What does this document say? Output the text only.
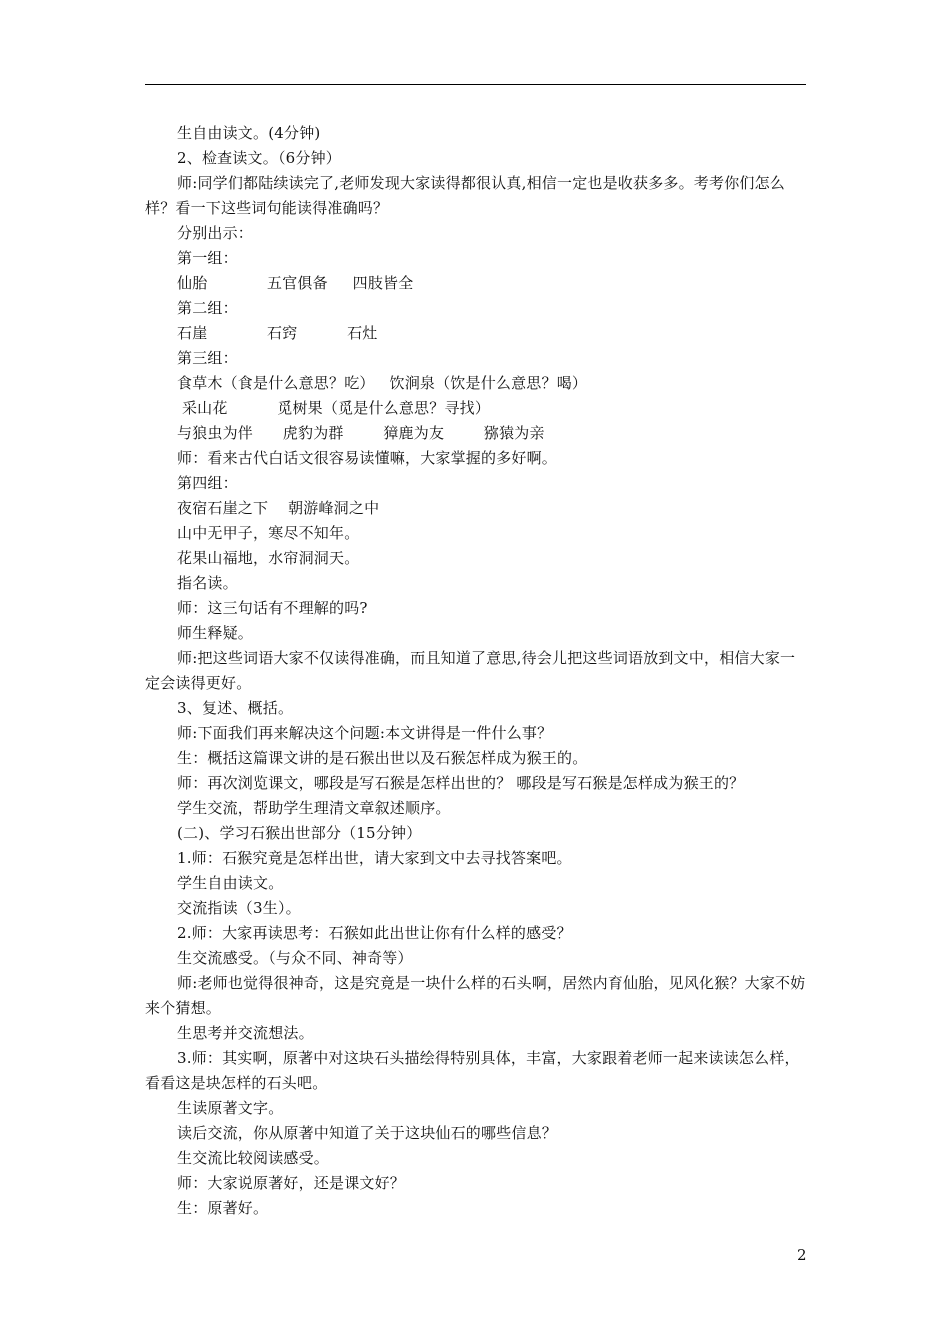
生自由读文。(4分钟)

2、检查读文。（6分钟）

师:同学们都陆续读完了,老师发现大家读得都很认真,相信一定也是收获多多。考考你们怎么样？看一下这些词句能读得准确吗？

分别出示：

第一组：

仙胎            五官俱备     四肢皆全

第二组：

石崖            石窍          石灶

第三组：

食草木（食是什么意思？吃）   饮涧泉（饮是什么意思？喝）

采山花          觅树果（觅是什么意思？寻找）

与狼虫为伴      虎豹为群        獐鹿为友        猕猿为亲

师：看来古代白话文很容易读懂嘛，大家掌握的多好啊。

第四组：

夜宿石崖之下    朝游峰洞之中

山中无甲子，寒尽不知年。

花果山福地，水帘洞洞天。

指名读。

师：这三句话有不理解的吗?

师生释疑。

师:把这些词语大家不仅读得准确，而且知道了意思,待会儿把这些词语放到文中，相信大家一定会读得更好。

3、复述、概括。

师:下面我们再来解决这个问题:本文讲得是一件什么事？

生：概括这篇课文讲的是石猴出世以及石猴怎样成为猴王的。

师：再次浏览课文，哪段是写石猴是怎样出世的？ 哪段是写石猴是怎样成为猴王的？

学生交流，帮助学生理清文章叙述顺序。

(二)、学习石猴出世部分（15分钟）

1.师：石猴究竟是怎样出世，请大家到文中去寻找答案吧。

学生自由读文。

交流指读（3生）。

2.师：大家再读思考：石猴如此出世让你有什么样的感受？

生交流感受。（与众不同、神奇等）

师:老师也觉得很神奇，这是究竟是一块什么样的石头啊，居然内育仙胎，见风化猴？大家不妨来个猜想。

生思考并交流想法。

3.师：其实啊，原著中对这块石头描绘得特别具体，丰富，大家跟着老师一起来读读怎么样，看看这是块怎样的石头吧。

生读原著文字。

读后交流，你从原著中知道了关于这块仙石的哪些信息？

生交流比较阅读感受。

师：大家说原著好，还是课文好？

生：原著好。

2
